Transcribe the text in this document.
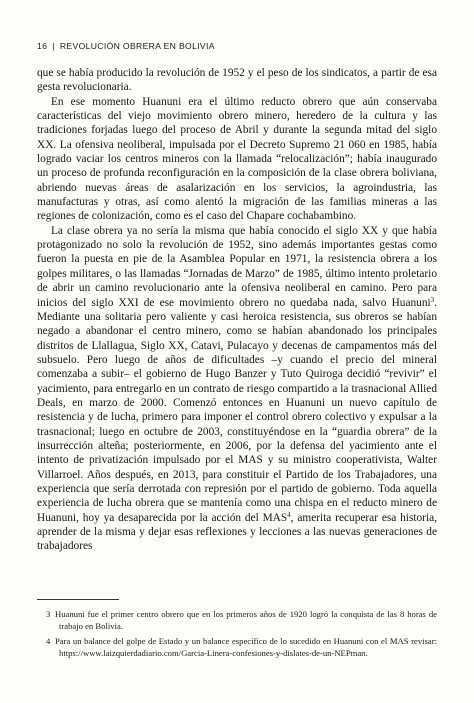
16 | REVOLUCIÓN OBRERA EN BOLIVIA

que se había producido la revolución de 1952 y el peso de los sindicatos, a partir de esa gesta revolucionaria.

En ese momento Huanuni era el último reducto obrero que aún conservaba características del viejo movimiento obrero minero, heredero de la cultura y las tradiciones forjadas luego del proceso de Abril y durante la segunda mitad del siglo XX. La ofensiva neoliberal, impulsada por el Decreto Supremo 21 060 en 1985, había logrado vaciar los centros mineros con la llamada “relocalización”; había inaugurado un proceso de profunda reconfiguración en la composición de la clase obrera boliviana, abriendo nuevas áreas de asalarización en los servicios, la agroindustria, las manufacturas y otras, así como alentó la migración de las familias mineras a las regiones de colonización, como es el caso del Chapare cochabambino.

La clase obrera ya no sería la misma que había conocido el siglo XX y que había protagonizado no solo la revolución de 1952, sino además importantes gestas como fueron la puesta en pie de la Asamblea Popular en 1971, la resistencia obrera a los golpes militares, o las llamadas “Jornadas de Marzo” de 1985, último intento proletario de abrir un camino revolucionario ante la ofensiva neoliberal en camino. Pero para inicios del siglo XXI de ese movimiento obrero no quedaba nada, salvo Huanuni$^3$. Mediante una solitaria pero valiente y casi heroica resistencia, sus obreros se habían negado a abandonar el centro minero, como se habían abandonado los principales distritos de Llallagua, Siglo XX, Catavi, Pulacayo y decenas de campamentos más del subsuelo. Pero luego de años de dificultades –y cuando el precio del mineral comenzaba a subir– el gobierno de Hugo Banzer y Tuto Quiroga decidió “revivir” el yacimiento, para entregarlo en un contrato de riesgo compartido a la trasnacional Allied Deals, en marzo de 2000. Comenzó entonces en Huanuni un nuevo capítulo de resistencia y de lucha, primero para imponer el control obrero colectivo y expulsar a la trasnacional; luego en octubre de 2003, constituyéndose en la “guardia obrera” de la insurrección alteña; posteriormente, en 2006, por la defensa del yacimiento ante el intento de privatización impulsado por el MAS y su ministro cooperativista, Walter Villarroel. Años después, en 2013, para constituir el Partido de los Trabajadores, una experiencia que sería derrotada con represión por el partido de gobierno. Toda aquella experiencia de lucha obrera que se mantenía como una chispa en el reducto minero de Huanuni, hoy ya desaparecida por la acción del MAS$^4$, amerita recuperar esa historia, aprender de la misma y dejar esas reflexiones y lecciones a las nuevas generaciones de trabajadores

3 Huanuni fue el primer centro obrero que en los primeros años de 1920 logró la conquista de las 8 horas de trabajo en Bolivia.

4 Para un balance del golpe de Estado y un balance específico de lo sucedido en Huanuni con el MAS revisar: https://www.laizquierdadiario.com/Garcia-Linera-confesiones-y-dislates-de-un-NEPman.
